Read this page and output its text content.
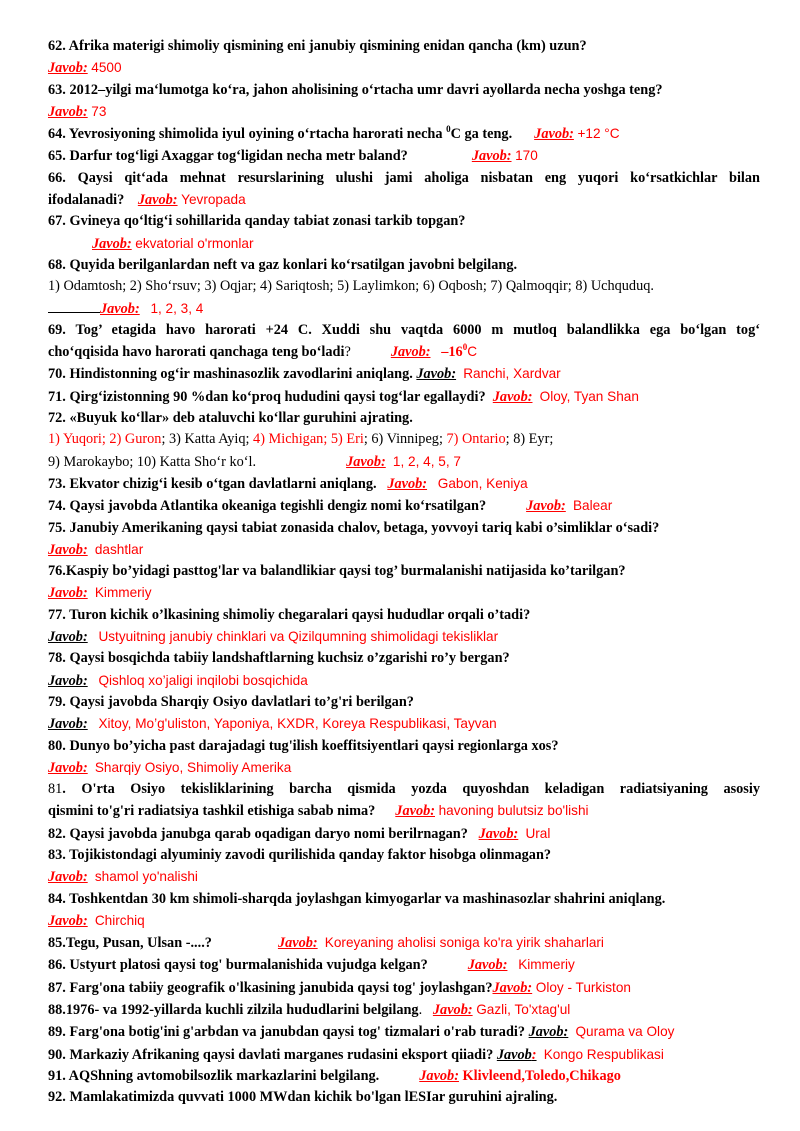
62. Afrika materigi shimoliy qismining eni janubiy qismining enidan qancha (km) uzun?
Javob: 4500
63. 2012–yilgi ma‘lumotga ko‘ra, jahon aholisining o‘rtacha umr davri ayollarda necha yoshga teng?
Javob: 73
64. Yevrosiyoning shimolida iyul oyining o‘rtacha harorati necha $^0$C ga teng. Javob: +12 °C
65. Darfur tog‘ligi Axaggar tog‘ligidan necha metr baland?	Javob: 170
66. Qaysi qit‘ada mehnat resurslarining ulushi jami aholiga nisbatan eng yuqori ko‘rsatkichlar bilan
ifodalanadi? Javob: Yevropada
67. Gvineya qo‘ltig‘i sohillarida qanday tabiat zonasi tarkib topgan?
Javob: ekvatorial o'rmonlar
68. Quyida berilganlardan neft va gaz konlari ko‘rsatilgan javobni belgilang.
1) Odamtosh; 2) Sho‘rsuv; 3) Oqjar; 4) Sariqtosh; 5) Laylimkon; 6) Oqbosh; 7) Qalmoqqir; 8) Uchquduq.
Javob: 1, 2, 3, 4
69. Tog’ etagida havo harorati +24 C. Xuddi shu vaqtda 6000 m mutloq balandlikka ega bo‘lgan tog‘
cho‘qqisida havo harorati qanchaga teng bo‘ladi?	Javob: $-16^0C$
70. Hindistonning og‘ir mashinasozlik zavodlarini aniqlang. Javob: Ranchi, Xardvar
71. Qirg‘izistonning 90 %dan ko‘proq hududini qaysi tog‘lar egallaydi? Javob: Oloy, Tyan Shan
72. «Buyuk ko‘llar» deb ataluvchi ko‘llar guruhini ajrating.
1) Yuqori; 2) Guron; 3) Katta Ayiq; 4) Michigan; 5) Eri; 6) Vinnipeg; 7) Ontario; 8) Eyr;
9) Marokaybo; 10) Katta Sho‘r ko‘l.	Javob: 1, 2, 4, 5, 7
73. Ekvator chizig‘i kesib o‘tgan davlatlarni aniqlang. Javob: Gabon, Keniya
74. Qaysi javobda Atlantika okeaniga tegishli dengiz nomi ko‘rsatilgan?	Javob: Balear
75. Janubiy Amerikaning qaysi tabiat zonasida chalov, betaga, yovvoyi tariq kabi o’simliklar o‘sadi?
Javob: dashtlar
76.Kaspiy bo’yidagi pasttog'lar va balandlikiar qaysi tog’ burmalanishi natijasida ko’tarilgan?
Javob: Kimmeriy
77. Turon kichik o’lkasining shimoliy chegaralari qaysi hududlar orqali o’tadi?
Javob: Ustyuitning janubiy chinklari va Qizilqumning shimolidagi tekisliklar
78. Qaysi bosqichda tabiiy landshaftlarning kuchsiz o’zgarishi ro’y bergan?
Javob: Qishloq xo’jaligi inqilobi bosqichida
79. Qaysi javobda Sharqiy Osiyo davlatlari to’g'ri berilgan?
Javob: Xitoy, Mo’g'uliston, Yaponiya, KXDR, Koreya Respublikasi, Tayvan
80. Dunyo bo’yicha past darajadagi tug'ilish koeffitsiyentlari qaysi regionlarga xos?
Javob: Sharqiy Osiyo, Shimoliy Amerika
81. O'rta Osiyo tekisliklarining barcha qismida yozda quyoshdan keladigan radiatsiyaning asosiy
qismini to'g'ri radiatsiya tashkil etishiga sabab nima? Javob: havoning bulutsiz bo'lishi
82. Qaysi javobda janubga qarab oqadigan daryo nomi berilrnagan? Javob: Ural
83. Tojikistondagi alyuminiy zavodi qurilishida qanday faktor hisobga olinmagan?
Javob: shamol yo'nalishi
84. Toshkentdan 30 km shimoli-sharqda joylashgan kimyogarlar va mashinasozlar shahrini aniqlang.
Javob: Chirchiq
85.Tegu, Pusan, Ulsan -....?	Javob: Koreyaning aholisi soniga ko'ra yirik shaharlari
86. Ustyurt platosi qaysi tog' burmalanishida vujudga kelgan?	Javob: Kimmeriy
87. Farg'ona tabiiy geografik o'lkasining janubida qaysi tog' joylashgan?Javob: Oloy - Turkiston
88.1976- va 1992-yillarda kuchli zilzila hududlarini belgilang. Javob: Gazli, To'xtag'ul
89. Farg'ona botig'ini g'arbdan va janubdan qaysi tog' tizmalari o'rab turadi? Javob: Qurama va Oloy
90. Markaziy Afrikaning qaysi davlati marganes rudasini eksport qiiadi? Javob: Kongo Respublikasi
91. AQShning avtomobilsozlik markazlarini belgilang.	Javob: Klivleend,Toledo,Chikago
92. Mamlakatimizda quvvati 1000 MWdan kichik bo'lgan lESIar guruhini ajraling.
